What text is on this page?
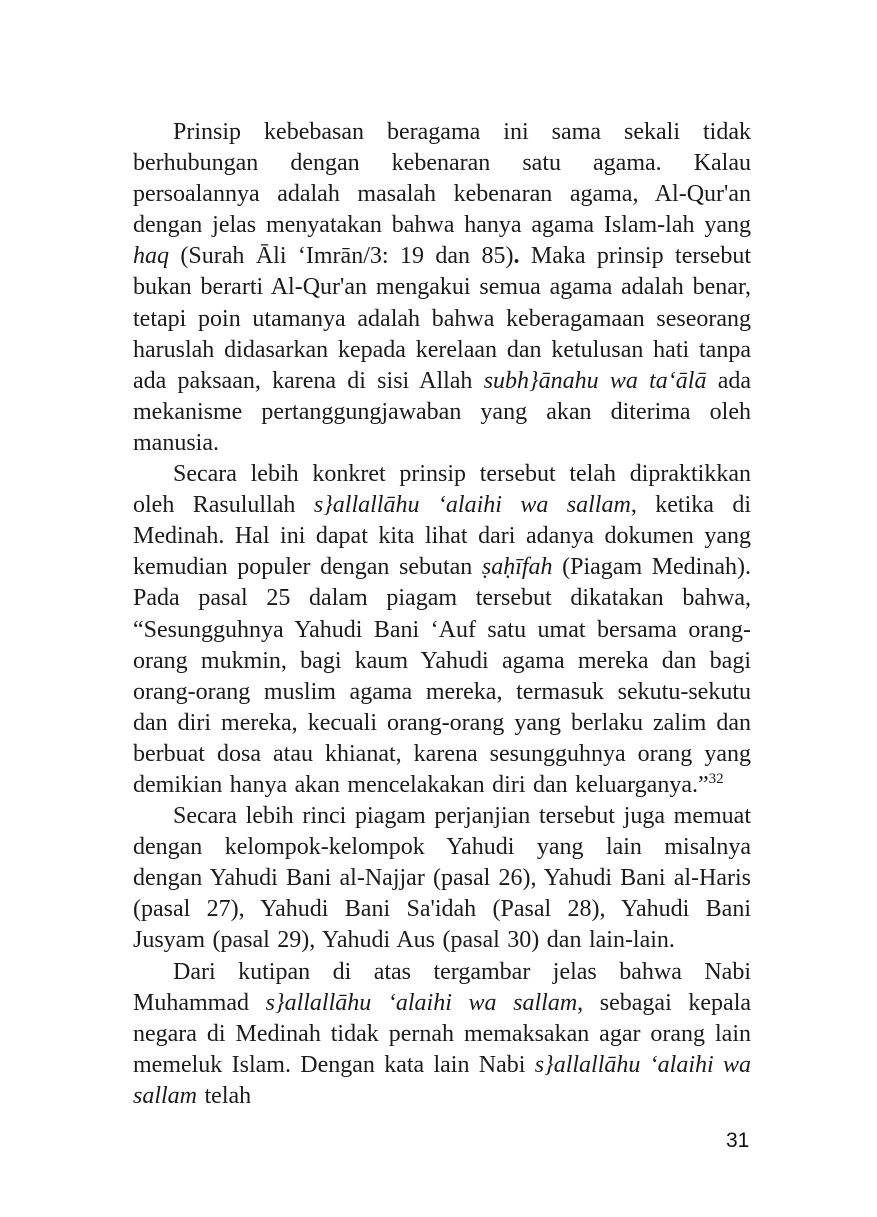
Prinsip kebebasan beragama ini sama sekali tidak berhubungan dengan kebenaran satu agama. Kalau persoalannya adalah masalah kebenaran agama, Al-Qur'an dengan jelas menyatakan bahwa hanya agama Islam-lah yang haq (Surah Āli ‘Imrān/3: 19 dan 85). Maka prinsip tersebut bukan berarti Al-Qur'an mengakui semua agama adalah benar, tetapi poin utamanya adalah bahwa keberagamaan seseorang haruslah didasarkan kepada kerelaan dan ketulusan hati tanpa ada paksaan, karena di sisi Allah subh}ānahu wa ta‘ālā ada mekanisme pertanggungjawaban yang akan diterima oleh manusia.

Secara lebih konkret prinsip tersebut telah dipraktikkan oleh Rasulullah s}allallāhu ‘alaihi wa sallam, ketika di Medinah. Hal ini dapat kita lihat dari adanya dokumen yang kemudian populer dengan sebutan ṣaḥīfah (Piagam Medinah). Pada pasal 25 dalam piagam tersebut dikatakan bahwa, “Sesungguhnya Yahudi Bani ‘Auf satu umat bersama orang-orang mukmin, bagi kaum Yahudi agama mereka dan bagi orang-orang muslim agama mereka, termasuk sekutu-sekutu dan diri mereka, kecuali orang-orang yang berlaku zalim dan berbuat dosa atau khianat, karena sesungguhnya orang yang demikian hanya akan mencelakakan diri dan keluarganya.”$^{32}$

Secara lebih rinci piagam perjanjian tersebut juga memuat dengan kelompok-kelompok Yahudi yang lain misalnya dengan Yahudi Bani al-Najjar (pasal 26), Yahudi Bani al-Haris (pasal 27), Yahudi Bani Sa'idah (Pasal 28), Yahudi Bani Jusyam (pasal 29), Yahudi Aus (pasal 30) dan lain-lain.

Dari kutipan di atas tergambar jelas bahwa Nabi Muhammad s}allallāhu ‘alaihi wa sallam, sebagai kepala negara di Medinah tidak pernah memaksakan agar orang lain memeluk Islam. Dengan kata lain Nabi s}allallāhu ‘alaihi wa sallam telah

31
